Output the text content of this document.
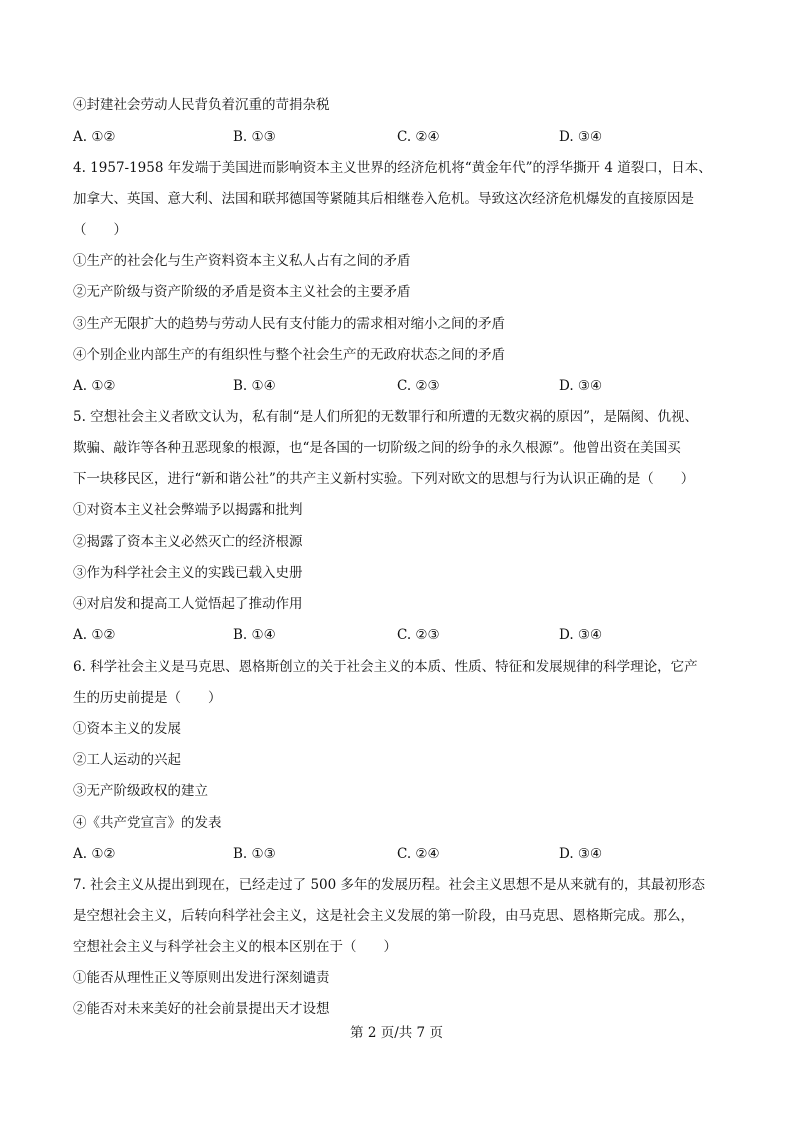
④封建社会劳动人民背负着沉重的苛捐杂税
A. ①②	B. ①③	C. ②④	D. ③④
4. 1957-1958 年发端于美国进而影响资本主义世界的经济危机将“黄金年代”的浮华撕开 4 道裂口，日本、
加拿大、英国、意大利、法国和联邦德国等紧随其后相继卷入危机。导致这次经济危机爆发的直接原因是
（　　）
①生产的社会化与生产资料资本主义私人占有之间的矛盾
②无产阶级与资产阶级的矛盾是资本主义社会的主要矛盾
③生产无限扩大的趋势与劳动人民有支付能力的需求相对缩小之间的矛盾
④个别企业内部生产的有组织性与整个社会生产的无政府状态之间的矛盾
A. ①②	B. ①④	C. ②③	D. ③④
5. 空想社会主义者欧文认为，私有制“是人们所犯的无数罪行和所遭的无数灾祸的原因”，是隔阂、仇视、
欺骗、敲诈等各种丑恶现象的根源，也“是各国的一切阶级之间的纷争的永久根源”。他曾出资在美国买
下一块移民区，进行“新和谐公社”的共产主义新村实验。下列对欧文的思想与行为认识正确的是（　　）
①对资本主义社会弊端予以揭露和批判
②揭露了资本主义必然灭亡的经济根源
③作为科学社会主义的实践已载入史册
④对启发和提高工人觉悟起了推动作用
A. ①②	B. ①④	C. ②③	D. ③④
6. 科学社会主义是马克思、恩格斯创立的关于社会主义的本质、性质、特征和发展规律的科学理论，它产
生的历史前提是（　　）
①资本主义的发展
②工人运动的兴起
③无产阶级政权的建立
④《共产党宣言》的发表
A. ①②	B. ①③	C. ②④	D. ③④
7. 社会主义从提出到现在，已经走过了 500 多年的发展历程。社会主义思想不是从来就有的，其最初形态
是空想社会主义，后转向科学社会主义，这是社会主义发展的第一阶段，由马克思、恩格斯完成。那么，
空想社会主义与科学社会主义的根本区别在于（　　）
①能否从理性正义等原则出发进行深刻谴责
②能否对未来美好的社会前景提出天才设想
第 2 页/共 7 页
